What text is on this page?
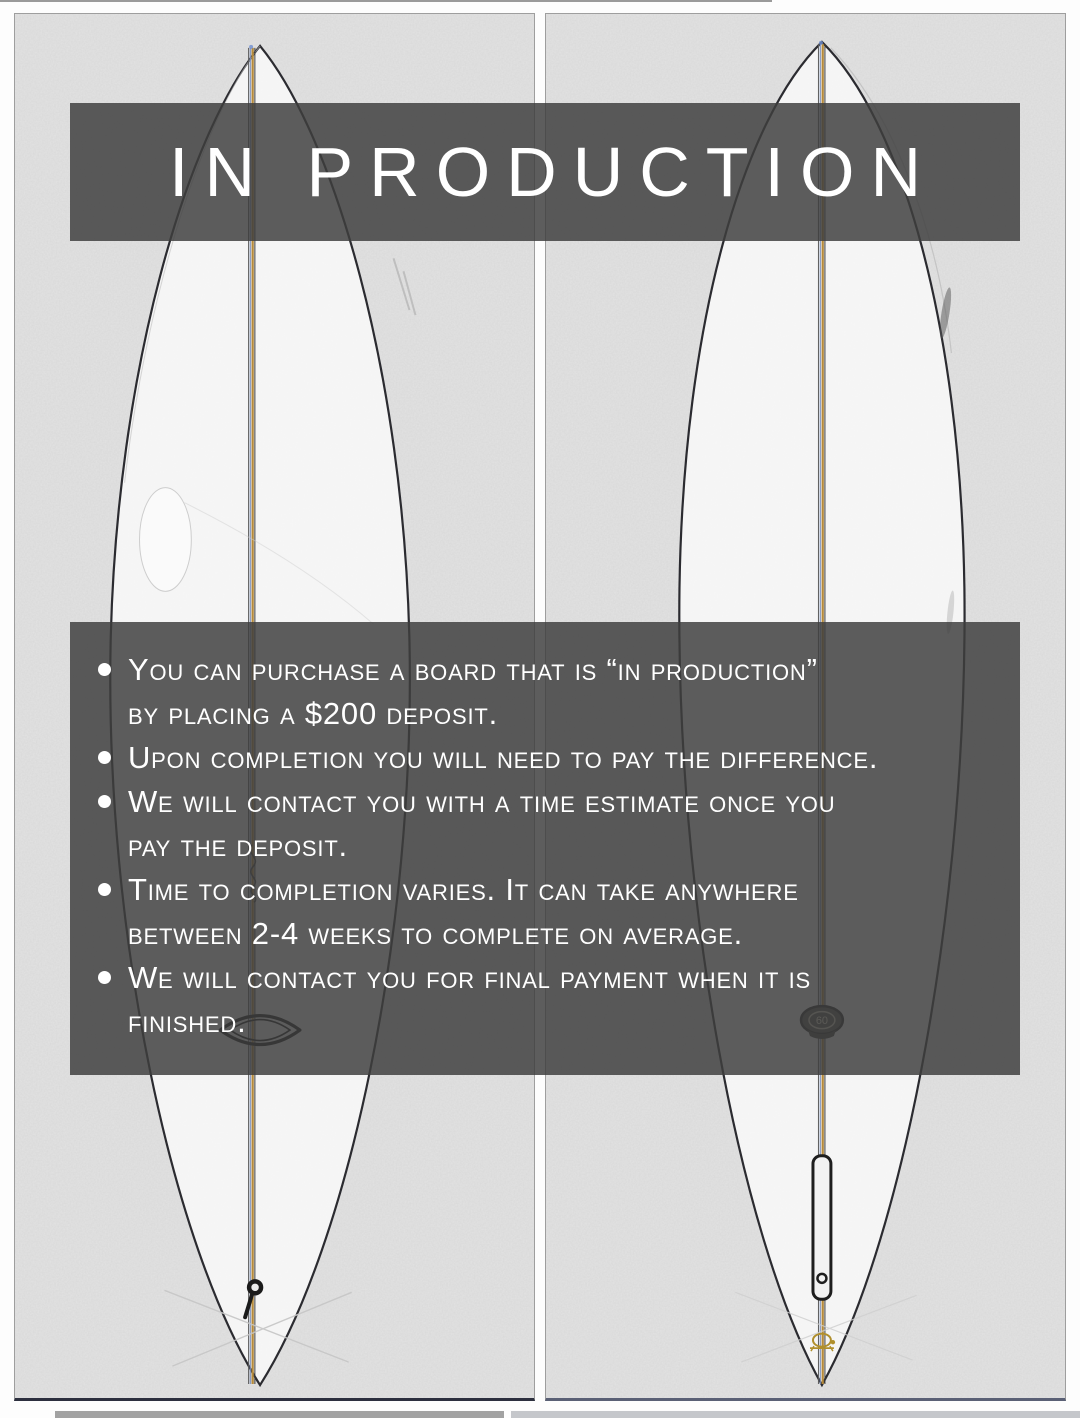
IN PRODUCTION
You can purchase a board that is “in production”
by placing a $200 deposit.
Upon completion you will need to pay the difference.
We will contact you with a time estimate once you
pay the deposit.
Time to completion varies. It can take anywhere
between 2-4 weeks to complete on average.
We will contact you for final payment when it is
finished.
